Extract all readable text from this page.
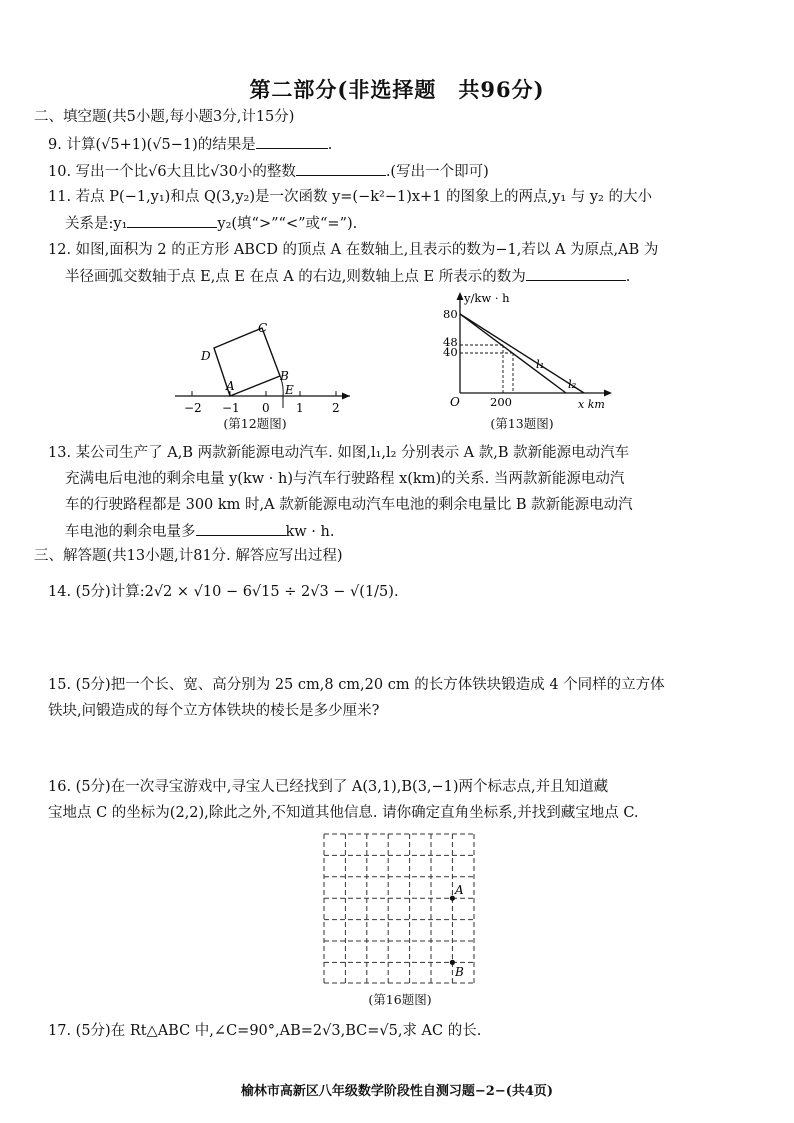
第二部分(非选择题　共96分)
二、填空题(共5小题,每小题3分,计15分)
9. 计算(√5+1)(√5−1)的结果是	.
10. 写出一个比√6大且比√30小的整数	.(写出一个即可)
11. 若点 P(−1,y₁)和点 Q(3,y₂)是一次函数 y=(−k²−1)x+1 的图象上的两点,y₁ 与 y₂ 的大小
关系是:y₁	y₂(填“>”“<”或“=”).
12. 如图,面积为 2 的正方形 ABCD 的顶点 A 在数轴上,且表示的数为−1,若以 A 为原点,AB 为
半径画弧交数轴于点 E,点 E 在点 A 的右边,则数轴上点 E 所表示的数为	.
A
B
C
D
E
−2 −1 0 1 2
(第12题图)
y/kw · h
80
48
40
O	200	x km
l₁
l₂
(第13题图)
13. 某公司生产了 A,B 两款新能源电动汽车. 如图,l₁,l₂ 分别表示 A 款,B 款新能源电动汽车
充满电后电池的剩余电量 y(kw · h)与汽车行驶路程 x(km)的关系. 当两款新能源电动汽
车的行驶路程都是 300 km 时,A 款新能源电动汽车电池的剩余电量比 B 款新能源电动汽
车电池的剩余电量多	kw · h.
三、解答题(共13小题,计81分. 解答应写出过程)
14. (5分)计算:2√2 × √10 − 6√15 ÷ 2√3 − √(1/5).
15. (5分)把一个长、宽、高分别为 25 cm,8 cm,20 cm 的长方体铁块锻造成 4 个同样的立方体
铁块,问锻造成的每个立方体铁块的棱长是多少厘米?
16. (5分)在一次寻宝游戏中,寻宝人已经找到了 A(3,1),B(3,−1)两个标志点,并且知道藏
宝地点 C 的坐标为(2,2),除此之外,不知道其他信息. 请你确定直角坐标系,并找到藏宝地点 C.
A
B
(第16题图)
17. (5分)在 Rt△ABC 中,∠C=90°,AB=2√3,BC=√5,求 AC 的长.
榆林市高新区八年级数学阶段性自测习题−2−(共4页)
